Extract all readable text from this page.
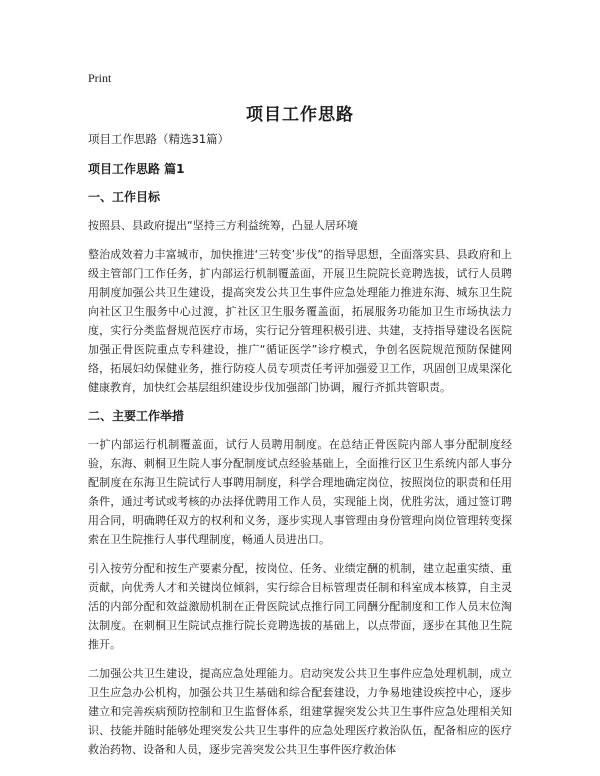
Print
项目工作思路
项目工作思路（精选31篇）
项目工作思路 篇1
一、工作目标
按照县、县政府提出“坚持三方利益统筹，凸显人居环境
整治成效着力丰富城市，加快推进‘三转变’步伐”的指导思想，全面落实县、县政府和上级主管部门工作任务，扩内部运行机制覆盖面，开展卫生院院长竞聘选拔，试行人员聘用制度加强公共卫生建设，提高突发公共卫生事件应急处理能力推进东海、城东卫生院向社区卫生服务中心过渡，扩社区卫生服务覆盖面，拓展服务功能加卫生市场执法力度，实行分类监督规范医疗市场，实行记分管理积极引进、共建，支持指导建设名医院加强正骨医院重点专科建设，推广“循证医学”诊疗模式，争创名医院规范预防保健网络，拓展妇幼保健业务，推行防疫人员专项责任考评加强爱卫工作，巩固创卫成果深化健康教育，加快红会基层组织建设步伐加强部门协调，履行齐抓共管职责。
二、主要工作举措
一扩内部运行机制覆盖面，试行人员聘用制度。在总结正骨医院内部人事分配制度经验，东海、刺桐卫生院人事分配制度试点经验基础上，全面推行区卫生系统内部人事分配制度在东海卫生院试行人事聘用制度，科学合理地确定岗位，按照岗位的职责和任用条件，通过考试或考核的办法择优聘用工作人员，实现能上岗，优胜劣汰，通过签订聘用合同，明确聘任双方的权利和义务，逐步实现人事管理由身份管理向岗位管理转变探索在卫生院推行人事代理制度，畅通人员进出口。
引入按劳分配和按生产要素分配，按岗位、任务、业绩定酬的机制，建立起重实绩、重贡献，向优秀人才和关键岗位倾斜，实行综合目标管理责任制和科室成本核算，自主灵活的内部分配和效益激励机制在正骨医院试点推行同工同酬分配制度和工作人员末位淘汰制度。在刺桐卫生院试点推行院长竞聘选拔的基础上，以点带面，逐步在其他卫生院推开。
二加强公共卫生建设，提高应急处理能力。启动突发公共卫生事件应急处理机制，成立卫生应急办公机构，加强公共卫生基础和综合配套建设，力争易地建设疾控中心，逐步建立和完善疾病预防控制和卫生监督体系，组建掌握突发公共卫生事件应急处理相关知识、技能并随时能够处理突发公共卫生事件的应急处理医疗救治队伍，配备相应的医疗救治药物、设备和人员，逐步完善突发公共卫生事件医疗救治体
